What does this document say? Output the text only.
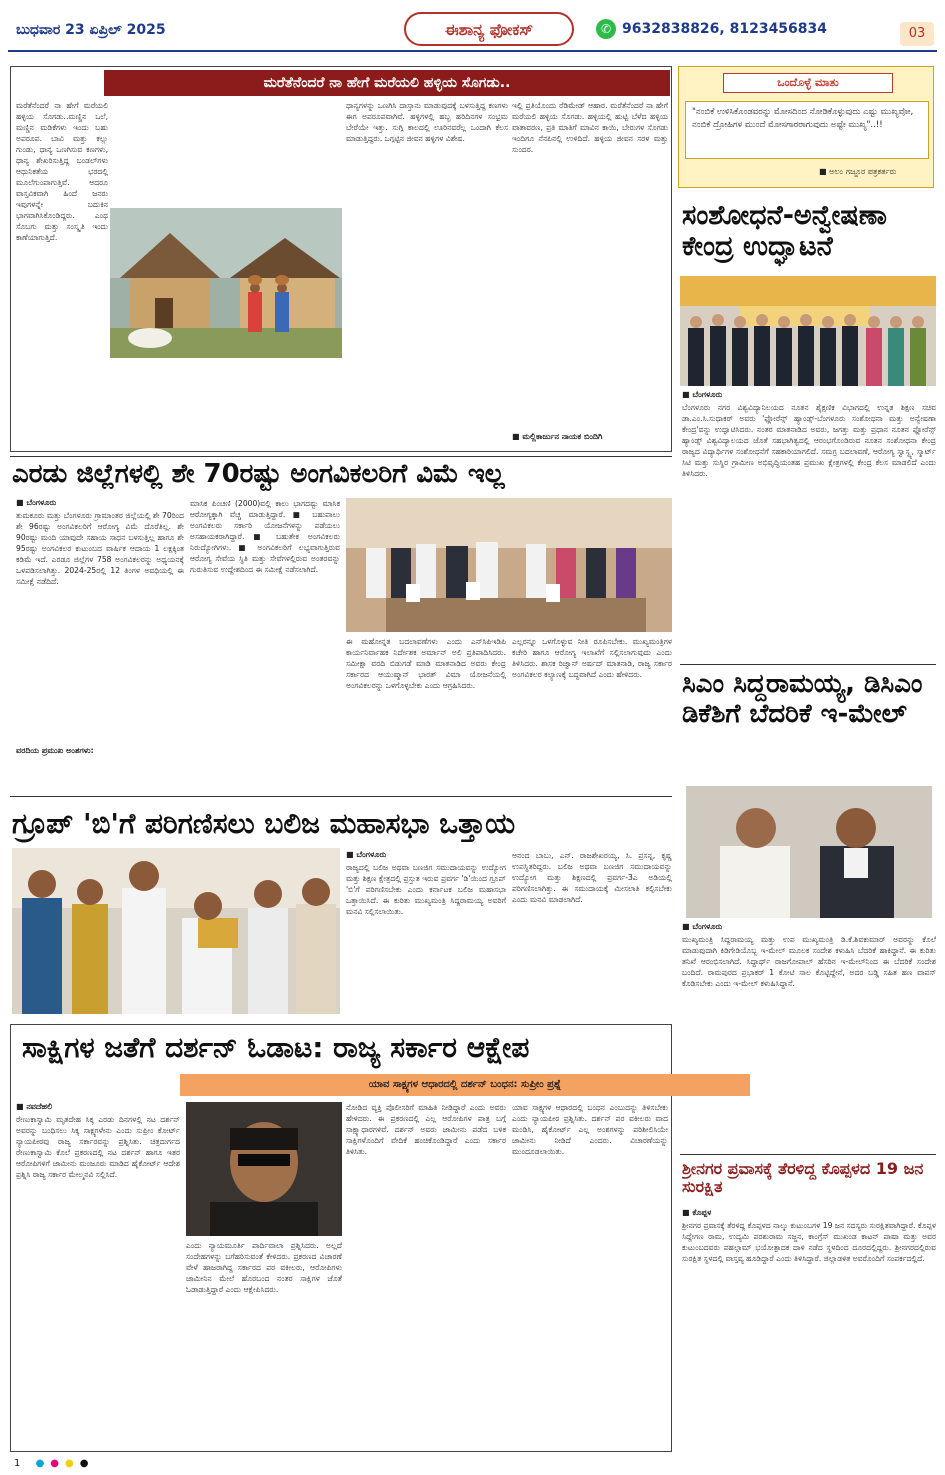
ಬುಧವಾರ 23 ಏಪ್ರಿಲ್ 2025	ಈಶಾನ್ಯ ಫೋಕಸ್	✆ 9632838826, 8123456834	03
ಮರೆತೆನೆಂದರೆ ನಾ ಹೇಗೆ ಮರೆಯಲಿ ಹಳ್ಳಿಯ ಸೊಗಡು..
ಮರೆತೆನೆಂದರೆ ನಾ ಹೇಗೆ ಮರೆಯಲಿ ಹಳ್ಳಿಯ ಸೊಗಡು..ಮಣ್ಣಿನ ಒಲೆ, ಮಣ್ಣಿನ ಮಡಿಕೆಗಳು ಇಂದು ಬಹು ಅಪರೂಪ. ಬಾವಿ ಮತ್ತು ಕಲ್ಲು ಗುಂಡು, ಧಾನ್ಯ ಒಣಗಿಸುವ ಕಣಗಳು, ಧಾನ್ಯ ಶೇಖರಿಸುತ್ತಿದ್ದ ಬಂಡಲ್‌ಗಳು ಆಧುನಿಕತೆಯ ಭರದಲ್ಲಿ ಮೂಲೆಗುಂಪಾಗುತ್ತಿವೆ. ಆದರೂ ವಾಸ್ತವಿಕವಾಗಿ ಹಿಂದೆ ಜನರು ಇವುಗಳನ್ನೇ ಬದುಕಿನ ಭಾಗವಾಗಿಸಿಕೊಂಡಿದ್ದರು. ಎಂಥ ಸೊಬಗು ಮತ್ತು ಸಂಸ್ಕೃತಿ ಇಂದು ಕಾಣೆಯಾಗುತ್ತಿದೆ.
ಧಾನ್ಯಗಳನ್ನು ಒಣಗಿಸಿ ದಾಸ್ತಾನು ಮಾಡುವುದಕ್ಕೆ ಬಳಸುತ್ತಿದ್ದ ಕಣಗಳು ಈಗ ಅಪರೂಪವಾಗಿವೆ. ಹಳ್ಳಿಗಳಲ್ಲಿ ಹಬ್ಬ ಹರಿದಿನಗಳ ಸಂಭ್ರಮ ಬೇರೆಯೇ ಇತ್ತು. ಸುಗ್ಗಿ ಕಾಲದಲ್ಲಿ ಊರಿನವರೆಲ್ಲ ಒಂದಾಗಿ ಕೆಲಸ ಮಾಡುತ್ತಿದ್ದರು. ಒಗ್ಗಟ್ಟಿನ ಜೀವನ ಹಳ್ಳಿಗಳ ವಿಶೇಷ.
ಇಲ್ಲಿ ಪ್ರತಿಯೊಂದು ರೆಡಿಮೇಡ್ ಆಹಾರ. ಮರೆತೆನೆಂದರೆ ನಾ ಹೇಗೆ ಮರೆಯಲಿ ಹಳ್ಳಿಯ ಸೊಗಡು. ಹಳ್ಳಿಯಲ್ಲಿ ಹುಟ್ಟಿ ಬೆಳೆದ ಹಳ್ಳಿಯ ವಾತಾವರಣ, ಪ್ರತಿ ಮಾತಿಗೆ ಮಾವಿನ ಕಾಯಿ, ಬೇರುಗಳ ಸೊಗಡು ಇಂದಿಗೂ ನೆನಪಿನಲ್ಲಿ ಉಳಿದಿದೆ. ಹಳ್ಳಿಯ ಜೀವನ ಸರಳ ಮತ್ತು ಸುಂದರ.
■ ಮಲ್ಲಿಕಾರ್ಜುನ ನಾಯಕ ಬಿಂದಿಗಿ
ಒಂದೊಳ್ಳೆ ಮಾತು
"ನಂಬಿಕೆ ಉಳಿಸಿಕೊಂಡವರನ್ನು ಮೋಸದಿಂದ ನೋಡಿಕೊಳ್ಳುವುದು ಎಷ್ಟು ಮುಖ್ಯವೋ, ನಂಬಿಕೆ ದ್ರೋಹಿಗಳ ಮುಂದೆ ಮೋಸಗಾರರಾಗುವುದು ಅಷ್ಟೇ ಮುಖ್ಯ"..!!
■ ಅಲಂ ಗಜ್ಜೂರ ಪತ್ರಕರ್ತರು
ಸಂಶೋಧನೆ-ಅನ್ವೇಷಣಾ ಕೇಂದ್ರ ಉದ್ಘಾಟನೆ
■ ಬೆಂಗಳೂರು
ಬೆಂಗಳೂರು ನಗರ ವಿಶ್ವವಿದ್ಯಾನಿಲಯದ ನೂತನ ಶೈಕ್ಷಣಿಕ ವಿಭಾಗದಲ್ಲಿ ಉನ್ನತ ಶಿಕ್ಷಣ ಸಚಿವ ಡಾ.ಎಂ.ಸಿ.ಸುಧಾಕರ್ ಅವರು 'ಫ್ಲೋರೆನ್ಸ್ ಹ್ಯಾಂಡ್ಸ್-ಬೆಂಗಳೂರು ಸಂಶೋಧನಾ ಮತ್ತು ಅನ್ವೇಷಣಾ ಕೇಂದ್ರ'ವನ್ನು ಉದ್ಘಾಟಿಸಿದರು. ನಂತರ ಮಾತನಾಡಿದ ಅವರು, ಜಗತ್ತು ಮತ್ತು ಪ್ರಧಾನ ನೂತನ ಫ್ಲೋರೆನ್ಸ್ ಹ್ಯಾಂಡ್ಸ್ ವಿಶ್ವವಿದ್ಯಾಲಯದ ಜೊತೆ ಸಹಭಾಗಿತ್ವದಲ್ಲಿ ಆರಂಭಗೊಂಡಿರುವ ನೂತನ ಸಂಶೋಧನಾ ಕೇಂದ್ರ ರಾಜ್ಯದ ವಿದ್ಯಾರ್ಥಿಗಳ ಸಂಶೋಧನೆಗೆ ಸಹಕಾರಿಯಾಗಲಿದೆ. ಸಮಗ್ರ ಬದಲಾವಣೆ, ಆರೋಗ್ಯ ಸ್ವಾಸ್ಥ್ಯ, ಸ್ಮಾರ್ಟ್ ಸಿಟಿ ಮತ್ತು ಸುಸ್ಥಿರ ಗ್ರಾಮೀಣ ಅಭಿವೃದ್ಧಿಯಂತಹ ಪ್ರಮುಖ ಕ್ಷೇತ್ರಗಳಲ್ಲಿ ಕೇಂದ್ರ ಕೆಲಸ ಮಾಡಲಿದೆ ಎಂದು ತಿಳಿಸಿದರು.
ಎರಡು ಜಿಲ್ಲೆಗಳಲ್ಲಿ ಶೇ 70ರಷ್ಟು ಅಂಗವಿಕಲರಿಗೆ ವಿಮೆ ಇಲ್ಲ
■ ಬೆಂಗಳೂರು
ತುಮಕೂರು ಮತ್ತು ಬೆಂಗಳೂರು ಗ್ರಾಮಾಂತರ ಜಿಲ್ಲೆಯಲ್ಲಿ ಶೇ 70ರಿಂದ ಶೇ 96ರಷ್ಟು ಅಂಗವಿಕಲರಿಗೆ ಆರೋಗ್ಯ ವಿಮೆ ದೊರೆತಿಲ್ಲ. ಶೇ 90ರಷ್ಟು ಮಂದಿ ಯಾವುದೇ ಸಹಾಯ ಸಾಧನ ಬಳಸುತ್ತಿಲ್ಲ ಹಾಗೂ ಶೇ 95ರಷ್ಟು ಅಂಗವಿಕಲರ ಕುಟುಂಬದ ವಾರ್ಷಿಕ ಆದಾಯ 1 ಲಕ್ಷಕ್ಕಿಂತ ಕಡಿಮೆ ಇದೆ. ಎರಡೂ ಜಿಲ್ಲೆಗಳ 758 ಅಂಗವಿಕಲರನ್ನು ಅಧ್ಯಯನಕ್ಕೆ ಒಳಪಡಿಸಲಾಗಿತ್ತು. 2024-25ರಲ್ಲಿ 12 ತಿಂಗಳ ಅವಧಿಯಲ್ಲಿ ಈ ಸಮೀಕ್ಷೆ ನಡೆದಿದೆ.
ವರದಿಯ ಪ್ರಮುಖ ಅಂಶಗಳು:
ಮಾಸಿಕ ಪಿಂಚಣಿ (2000)ವಲ್ಲಿ ಕಾಲು ಭಾಗದಷ್ಟು ಮಾಸಿಕ ಆರೋಗ್ಯಕ್ಕಾಗಿ ವೆಚ್ಚ ಮಾಡುತ್ತಿದ್ದಾರೆ. ■ ಬಹುಪಾಲು ಅಂಗವಿಕಲರು ಸರ್ಕಾರಿ ಯೋಜನೆಗಳನ್ನು ಪಡೆಯಲು ಅಸಹಾಯಕರಾಗಿದ್ದಾರೆ. ■ ಬಹುತೇಕ ಅಂಗವಿಕಲರು ನಿರುದ್ಯೋಗಿಗಳು. ■ ಅಂಗವಿಕಲರಿಗೆ ಲಭ್ಯವಾಗುತ್ತಿರುವ ಆರೋಗ್ಯ ಸೇವೆಯ ಸ್ಥಿತಿ ಮತ್ತು ಸೇವೆಗಳಲ್ಲಿರುವ ಅಂತರವನ್ನು ಗುರುತಿಸುವ ಉದ್ದೇಶದಿಂದ ಈ ಸಮೀಕ್ಷೆ ನಡೆಸಲಾಗಿದೆ.
ಈ ಮಹೋನ್ನತ ಬದಲಾವಣೆಗಳು ಎಂದು ಎನ್‌ಸಿಪಿಇಡಿಪಿ ಕಾರ್ಯನಿರ್ವಾಹಕ ನಿರ್ದೇಶಕ ಅರ್ಮಾನ್ ಅಲಿ ಪ್ರತಿಪಾದಿಸಿದರು. ಸಮೀಕ್ಷಾ ವರದಿ ಬಿಡುಗಡೆ ಮಾಡಿ ಮಾತನಾಡಿದ ಅವರು ಕೇಂದ್ರ ಸರ್ಕಾರದ ಆಯುಷ್ಮಾನ್ ಭಾರತ್ ವಿಮಾ ಯೋಜನೆಯಲ್ಲಿ ಅಂಗವಿಕಲರನ್ನು ಒಳಗೊಳ್ಳಬೇಕು ಎಂದು ಆಗ್ರಹಿಸಿದರು.
ಎಲ್ಲರನ್ನೂ ಒಳಗೊಳ್ಳುವ ನೀತಿ ರೂಪಿಸಬೇಕು. ಮುಖ್ಯಮಂತ್ರಿಗಳ ಕಚೇರಿ ಹಾಗೂ ಆರೋಗ್ಯ ಇಲಾಖೆಗೆ ಸಲ್ಲಿಸಲಾಗುವುದು ಎಂದು ತಿಳಿಸಿದರು. ಶಾಸಕ ರಿಜ್ವಾನ್ ಅರ್ಷದ್ ಮಾತನಾಡಿ, ರಾಜ್ಯ ಸರ್ಕಾರ ಅಂಗವಿಕಲರ ಕಲ್ಯಾಣಕ್ಕೆ ಬದ್ಧವಾಗಿದೆ ಎಂದು ಹೇಳಿದರು.	ಸಿಎಂ ಸಿದ್ದರಾಮಯ್ಯ, ಡಿಸಿಎಂ ಡಿಕೆಶಿಗೆ ಬೆದರಿಕೆ ಇ-ಮೇಲ್
■ ಬೆಂಗಳೂರು
ಮುಖ್ಯಮಂತ್ರಿ ಸಿದ್ದರಾಮಯ್ಯ ಮತ್ತು ಉಪ ಮುಖ್ಯಮಂತ್ರಿ ಡಿ.ಕೆ.ಶಿವಕುಮಾರ್ ಅವರನ್ನು ಕೊಲೆ ಮಾಡುವುದಾಗಿ ಕಿಡಿಗೇಡಿಯೊಬ್ಬ ಇ-ಮೇಲ್ ಮೂಲಕ ಸಂದೇಶ ಕಳುಹಿಸಿ ಬೆದರಿಕೆ ಹಾಕಿದ್ದಾನೆ. ಈ ಕುರಿತು ತನಿಖೆ ಆರಂಭಿಸಲಾಗಿದೆ. ಸಿದ್ದಾರ್ಥ್ ರಾಜಗೋಪಾಲ್ ಹೆಸರಿನ ಇ-ಮೇಲ್‌ನಿಂದ ಈ ಬೆದರಿಕೆ ಸಂದೇಶ ಬಂದಿದೆ. ರಾಮಪುರದ ಪ್ರಭಾಕರ್ 1 ಕೋಟಿ ಸಾಲ ಕೊಟ್ಟಿದ್ದೇನೆ, ಅದರ ಬಡ್ಡಿ ಸಹಿತ ಹಣ ವಾಪಸ್ ಕೊಡಿಸಬೇಕು ಎಂದು ಇ-ಮೇಲ್ ಕಳುಹಿಸಿದ್ದಾನೆ.
ಗ್ರೂಪ್ 'ಬಿ'ಗೆ ಪರಿಗಣಿಸಲು ಬಲಿಜ ಮಹಾಸಭಾ ಒತ್ತಾಯ
■ ಬೆಂಗಳೂರು
ರಾಜ್ಯದಲ್ಲಿ ಬಲಿಜ ಅಥವಾ ಬಣಜಿಗ ಸಮುದಾಯವನ್ನು ಉದ್ಯೋಗ ಮತ್ತು ಶಿಕ್ಷಣ ಕ್ಷೇತ್ರದಲ್ಲಿ ಪ್ರಸ್ತುತ ಇರುವ ಪ್ರವರ್ಗ 'ಡಿ'ಯಿಂದ ಗ್ರೂಪ್ 'ಬಿ'ಗೆ ಪರಿಗಣಿಸಬೇಕು ಎಂದು ಕರ್ನಾಟಕ ಬಲಿಜ ಮಹಾಸಭಾ ಒತ್ತಾಯಿಸಿದೆ. ಈ ಕುರಿತು ಮುಖ್ಯಮಂತ್ರಿ ಸಿದ್ದರಾಮಯ್ಯ ಅವರಿಗೆ ಮನವಿ ಸಲ್ಲಿಸಲಾಯಿತು.
ಆನಂದ ಬಾಬು, ಎನ್. ರಾಜಶೇಖರಯ್ಯ, ಸಿ. ಪ್ರಸನ್ನ, ಕೃಷ್ಣ ಉಪಸ್ಥಿತರಿದ್ದರು. ಬಲಿಜ ಅಥವಾ ಬಣಜಿಗ ಸಮುದಾಯವನ್ನು ಉದ್ಯೋಗ ಮತ್ತು ಶಿಕ್ಷಣದಲ್ಲಿ ಪ್ರವರ್ಗ-3ಎ ಅಡಿಯಲ್ಲಿ ಪರಿಗಣಿಸಲಾಗಿತ್ತು. ಈ ಸಮುದಾಯಕ್ಕೆ ಮೀಸಲಾತಿ ಕಲ್ಪಿಸಬೇಕು ಎಂದು ಮನವಿ ಮಾಡಲಾಗಿದೆ.
ಸಾಕ್ಷಿಗಳ ಜತೆಗೆ ದರ್ಶನ್ ಓಡಾಟ: ರಾಜ್ಯ ಸರ್ಕಾರ ಆಕ್ಷೇಪ
ಯಾವ ಸಾಕ್ಷ್ಯಗಳ ಆಧಾರದಲ್ಲಿ ದರ್ಶನ್ ಬಂಧನ: ಸುಪ್ರೀಂ ಪ್ರಶ್ನೆ
■ ನವದೆಹಲಿ
ರೇಣುಕಾಸ್ವಾಮಿ ಮೃತದೇಹ ಸಿಕ್ಕ ಎರಡು ದಿನಗಳಲ್ಲಿ ನಟ ದರ್ಶನ್ ಅವರನ್ನು ಬಂಧಿಸಲು ಸಿಕ್ಕ ಸಾಕ್ಷ್ಯಗಳೇನು ಎಂದು ಸುಪ್ರೀಂ ಕೋರ್ಟ್ ನ್ಯಾಯಪೀಠವು ರಾಜ್ಯ ಸರ್ಕಾರವನ್ನು ಪ್ರಶ್ನಿಸಿತು. ಚಿತ್ರದುರ್ಗದ ರೇಣುಕಾಸ್ವಾಮಿ ಕೊಲೆ ಪ್ರಕರಣದಲ್ಲಿ ನಟ ದರ್ಶನ್ ಹಾಗೂ ಇತರ ಆರೋಪಿಗಳಿಗೆ ಜಾಮೀನು ಮಂಜೂರು ಮಾಡಿದ ಹೈಕೋರ್ಟ್ ಆದೇಶ ಪ್ರಶ್ನಿಸಿ ರಾಜ್ಯ ಸರ್ಕಾರ ಮೇಲ್ಮನವಿ ಸಲ್ಲಿಸಿದೆ.
ಎಂದು ನ್ಯಾಯಮೂರ್ತಿ ಪಾರ್ದಿವಾಲಾ ಪ್ರಶ್ನಿಸಿದರು. ಅಲ್ಲದೆ ಸಂದೇಹಗಳನ್ನು ಬಗೆಹರಿಸುವಂತೆ ಕೇಳಿದರು. ಪ್ರಕರಣದ ವಿಚಾರಣೆ ವೇಳೆ ಹಾಜರಾಗಿದ್ದ ಸರ್ಕಾರದ ಪರ ವಕೀಲರು, ಆರೋಪಿಗಳು ಜಾಮೀನಿನ ಮೇಲೆ ಹೊರಬಂದ ನಂತರ ಸಾಕ್ಷಿಗಳ ಜೊತೆ ಓಡಾಡುತ್ತಿದ್ದಾರೆ ಎಂದು ಆಕ್ಷೇಪಿಸಿದರು.
ನೋಡಿದ ವ್ಯಕ್ತಿ ಪೊಲೀಸರಿಗೆ ಮಾಹಿತಿ ನೀಡಿದ್ದಾರೆ ಎಂದು ಅವರು ಹೇಳಿದರು. ಈ ಪ್ರಕರಣದಲ್ಲಿ ಎಲ್ಲ ಆರೋಪಿಗಳ ಪಾತ್ರ ಬಗ್ಗೆ ಸಾಕ್ಷ್ಯಾಧಾರಗಳಿವೆ. ದರ್ಶನ್ ಅವರು ಜಾಮೀನು ಪಡೆದ ಬಳಿಕ ಸಾಕ್ಷಿಗಳೊಂದಿಗೆ ವೇದಿಕೆ ಹಂಚಿಕೊಂಡಿದ್ದಾರೆ ಎಂದು ಸರ್ಕಾರ ತಿಳಿಸಿತು.
ಯಾವ ಸಾಕ್ಷ್ಯಗಳ ಆಧಾರದಲ್ಲಿ ಬಂಧನ ಎಂಬುದನ್ನು ತಿಳಿಸಬೇಕು ಎಂದು ನ್ಯಾಯಪೀಠ ಪ್ರಶ್ನಿಸಿತು. ದರ್ಶನ್ ಪರ ವಕೀಲರು ವಾದ ಮಂಡಿಸಿ, ಹೈಕೋರ್ಟ್ ಎಲ್ಲ ಅಂಶಗಳನ್ನು ಪರಿಶೀಲಿಸಿಯೇ ಜಾಮೀನು ನೀಡಿದೆ ಎಂದರು. ವಿಚಾರಣೆಯನ್ನು ಮುಂದೂಡಲಾಯಿತು.
ಶ್ರೀನಗರ ಪ್ರವಾಸಕ್ಕೆ ತೆರಳಿದ್ದ ಕೊಪ್ಪಳದ 19 ಜನ ಸುರಕ್ಷಿತ
■ ಕೊಪ್ಪಳ
ಶ್ರೀನಗರ ಪ್ರವಾಸಕ್ಕೆ ತೆರಳಿದ್ದ ಕೊಪ್ಪಳದ ನಾಲ್ಕು ಕುಟುಂಬಗಳ 19 ಜನ ಸದಸ್ಯರು ಸುರಕ್ಷಿತವಾಗಿದ್ದಾರೆ. ಕೊಪ್ಪಳ ಸಿದ್ದೇಗಣ ರಾಮ, ಉದ್ಯಮಿ ಪರಶುರಾಮ ಸಜ್ಜನ, ಕಾಂಗ್ರೆಸ್ ಮುಖಂಡ ಕಾಟನ್ ಪಾಷಾ ಮತ್ತು ಅವರ ಕುಟುಂಬದವರು ಪಹಲ್ಗಾಮ್ ಭಯೋತ್ಪಾದಕ ದಾಳಿ ನಡೆದ ಸ್ಥಳದಿಂದ ದೂರದಲ್ಲಿದ್ದರು. ಶ್ರೀನಗರದಲ್ಲಿರುವ ಸುರಕ್ಷಿತ ಸ್ಥಳದಲ್ಲಿ ವಾಸ್ತವ್ಯ ಹೂಡಿದ್ದಾರೆ ಎಂದು ತಿಳಿಸಿದ್ದಾರೆ. ಜಿಲ್ಲಾಡಳಿತ ಅವರೊಂದಿಗೆ ಸಂಪರ್ಕದಲ್ಲಿದೆ.
1 ●●●●
